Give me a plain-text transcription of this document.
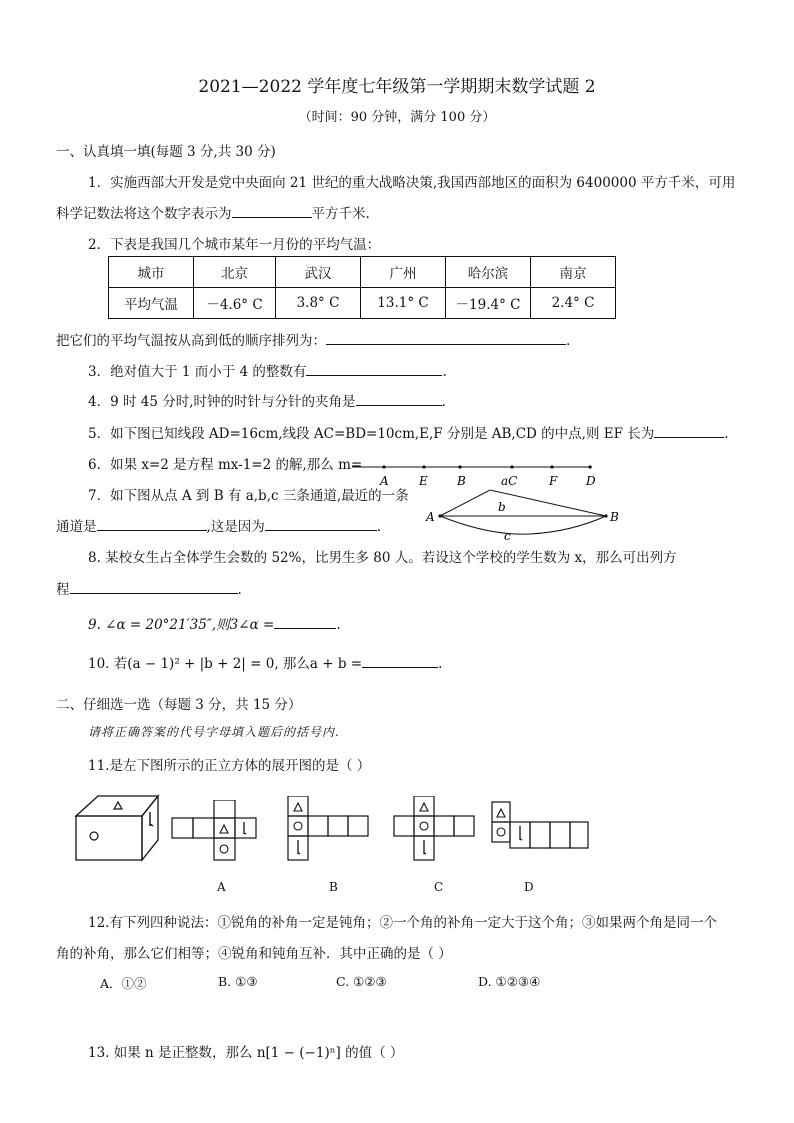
2021—2022 学年度七年级第一学期期末数学试题 2
（时间：90 分钟，满分 100 分）
一、认真填一填(每题 3 分,共 30 分)
1．实施西部大开发是党中央面向 21 世纪的重大战略决策,我国西部地区的面积为 6400000 平方千米，可用
科学记数法将这个数字表示为	平方千米.
2．下表是我国几个城市某年一月份的平均气温：
城市	北京	武汉	广州	哈尔滨	南京
平均气温	－4.6° C	3.8° C	13.1° C	－19.4° C	2.4° C
把它们的平均气温按从高到低的顺序排列为：	.
3．绝对值大于 1 而小于 4 的整数有	.
4．9 时 45 分时,时钟的时针与分针的夹角是	.
5．如下图已知线段 AD=16cm,线段 AC=BD=10cm,E,F 分别是 AB,CD 的中点,则 EF 长为	.
6．如果 x=2 是方程 mx-1=2 的解,那么 m=
A	E B	aC	F D
7．如下图从点 A 到 B 有 a,b,c 三条通道,最近的一条
通道是	,这是因为	.
A	B
b
c
8. 某校女生占全体学生会数的 52%，比男生多 80 人。若设这个学校的学生数为 x，那么可出列方
程	.
9. ∠α = 20°21′35″,则3∠α =	.
10. 若(a − 1)² + |b + 2| = 0, 那么a + b =	.
二、仔细选一选（每题 3 分，共 15 分）
请将正确答案的代号字母填入题后的括号内.
11.是左下图所示的正立方体的展开图的是（ ）
A	B	C	D
12.有下列四种说法：①锐角的补角一定是钝角；②一个角的补角一定大于这个角；③如果两个角是同一个
角的补角，那么它们相等；④锐角和钝角互补．其中正确的是（ ）
A．①②	B. ①③	C. ①②③	D. ①②③④
13. 如果 n 是正整数，那么 n[1 − (−1)ⁿ] 的值（ ）
